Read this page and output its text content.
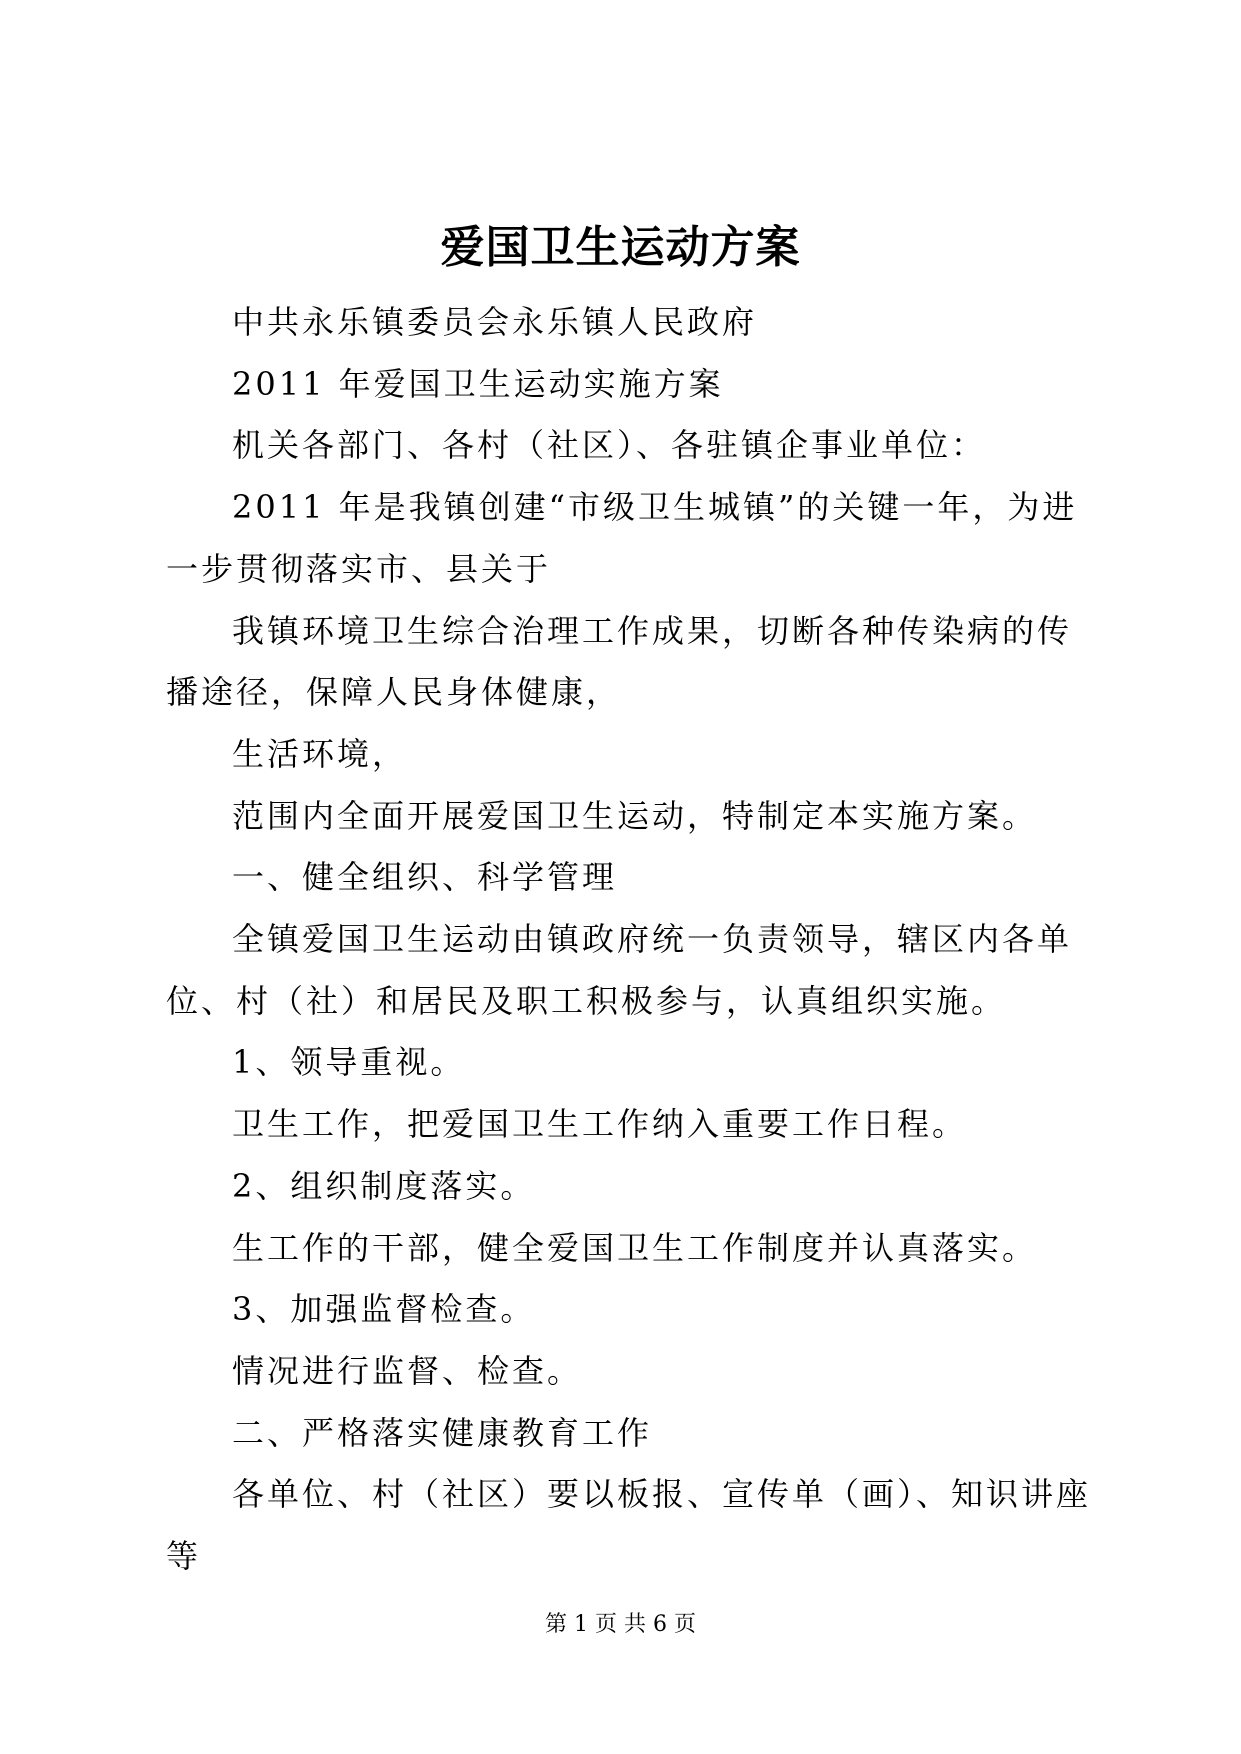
爱国卫生运动方案

中共永乐镇委员会永乐镇人民政府

2011 年爱国卫生运动实施方案

机关各部门、各村（社区）、各驻镇企事业单位：

2011 年是我镇创建“市级卫生城镇”的关键一年，为进一步贯彻落实市、县关于

我镇环境卫生综合治理工作成果，切断各种传染病的传播途径，保障人民身体健康，

生活环境，

范围内全面开展爱国卫生运动，特制定本实施方案。

一、健全组织、科学管理

全镇爱国卫生运动由镇政府统一负责领导，辖区内各单位、村（社）和居民及职工积极参与，认真组织实施。

1、领导重视。

卫生工作，把爱国卫生工作纳入重要工作日程。

2、组织制度落实。

生工作的干部，健全爱国卫生工作制度并认真落实。

3、加强监督检查。

情况进行监督、检查。

二、严格落实健康教育工作

各单位、村（社区）要以板报、宣传单（画）、知识讲座等

第 1 页 共 6 页
